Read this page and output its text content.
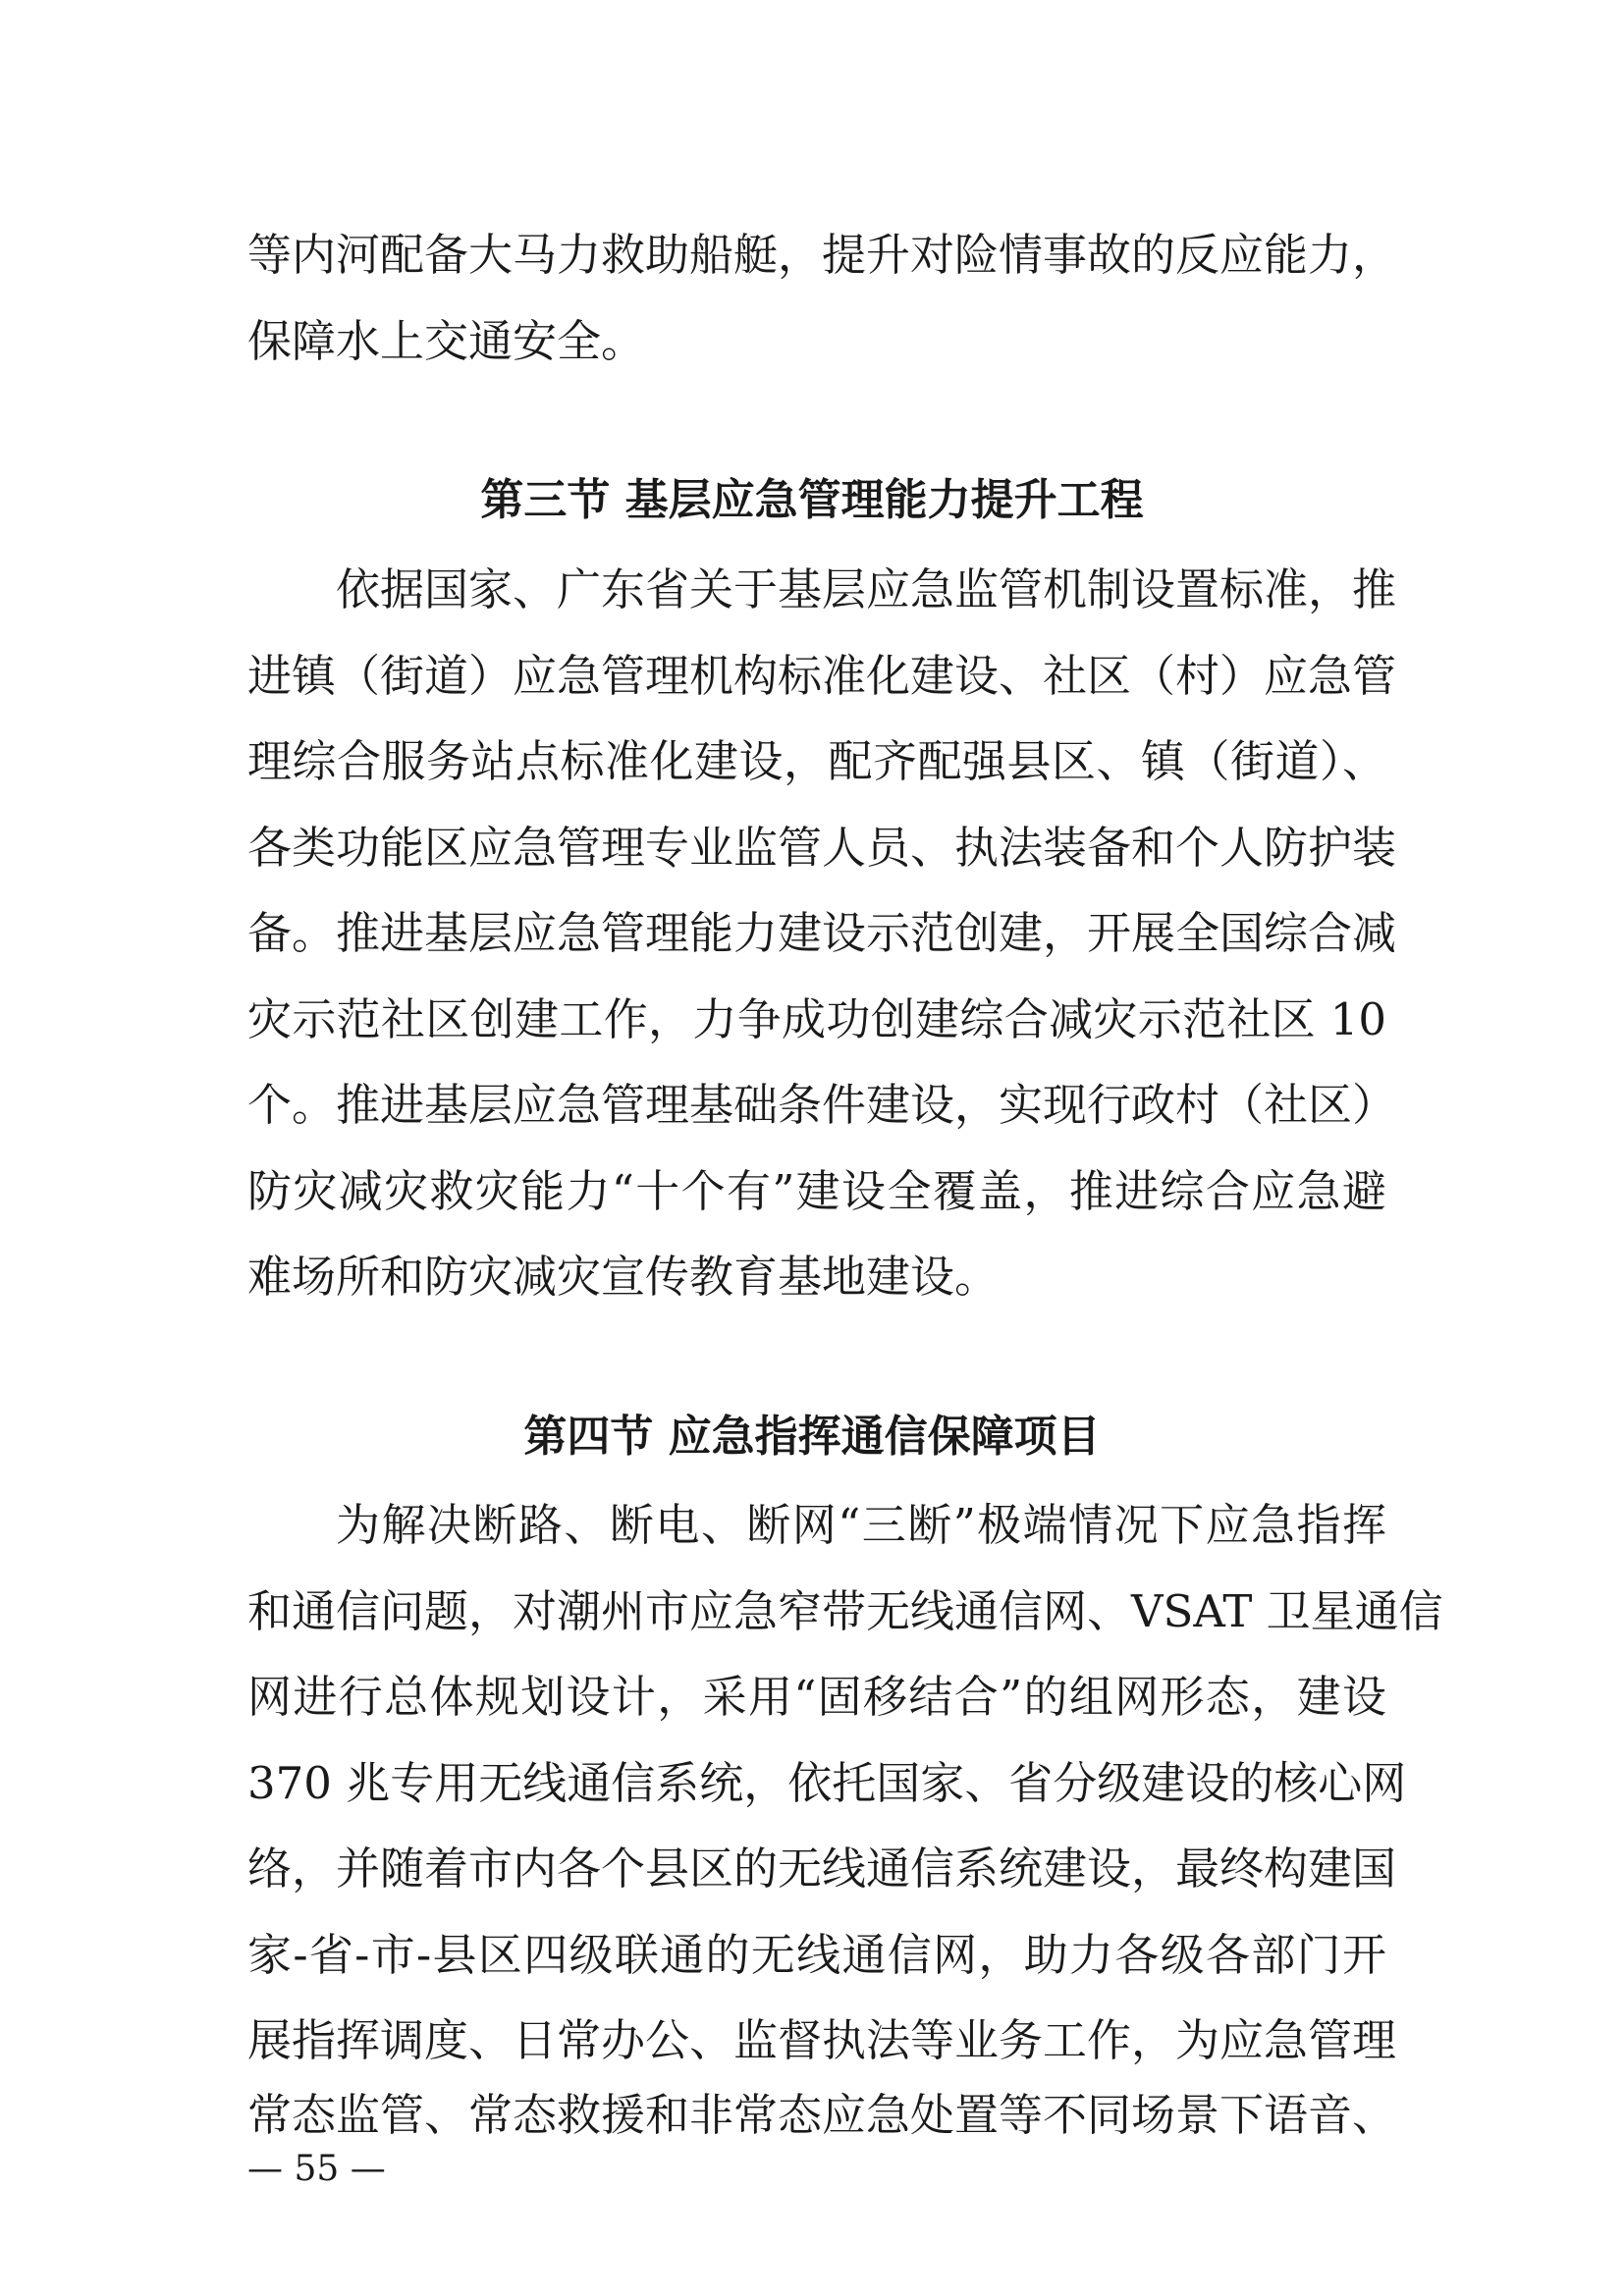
等内河配备大马力救助船艇，提升对险情事故的反应能力，
保障水上交通安全。
第三节 基层应急管理能力提升工程
依据国家、广东省关于基层应急监管机制设置标准，推
进镇（街道）应急管理机构标准化建设、社区（村）应急管
理综合服务站点标准化建设，配齐配强县区、镇（街道）、
各类功能区应急管理专业监管人员、执法装备和个人防护装
备。推进基层应急管理能力建设示范创建，开展全国综合减
灾示范社区创建工作，力争成功创建综合减灾示范社区 10
个。推进基层应急管理基础条件建设，实现行政村（社区）
防灾减灾救灾能力“十个有”建设全覆盖，推进综合应急避
难场所和防灾减灾宣传教育基地建设。
第四节 应急指挥通信保障项目
为解决断路、断电、断网“三断”极端情况下应急指挥
和通信问题，对潮州市应急窄带无线通信网、VSAT 卫星通信
网进行总体规划设计，采用“固移结合”的组网形态，建设
370 兆专用无线通信系统，依托国家、省分级建设的核心网
络，并随着市内各个县区的无线通信系统建设，最终构建国
家-省-市-县区四级联通的无线通信网，助力各级各部门开
展指挥调度、日常办公、监督执法等业务工作，为应急管理
常态监管、常态救援和非常态应急处置等不同场景下语音、
— 55 —
